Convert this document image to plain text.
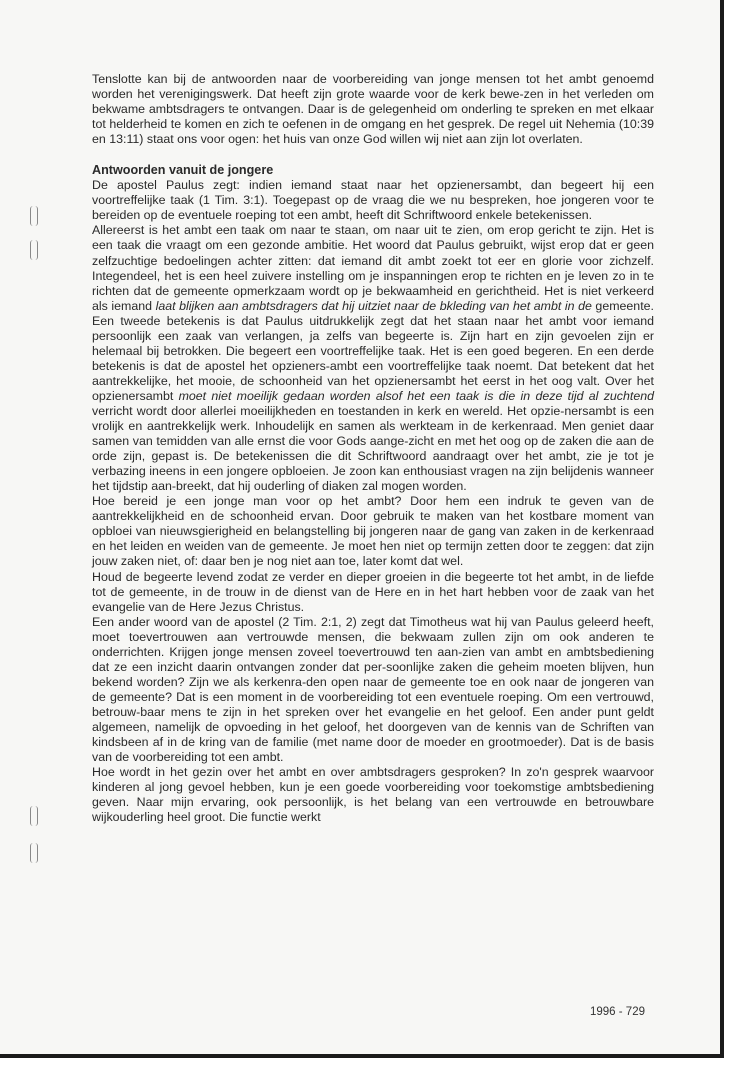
Tenslotte kan bij de antwoorden naar de voorbereiding van jonge mensen tot het ambt genoemd worden het verenigingswerk. Dat heeft zijn grote waarde voor de kerk bewe-zen in het verleden om bekwame ambtsdragers te ontvangen. Daar is de gelegenheid om onderling te spreken en met elkaar tot helderheid te komen en zich te oefenen in de omgang en het gesprek. De regel uit Nehemia (10:39 en 13:11) staat ons voor ogen: het huis van onze God willen wij niet aan zijn lot overlaten.

Antwoorden vanuit de jongere

De apostel Paulus zegt: indien iemand staat naar het opzienersambt, dan begeert hij een voortreffelijke taak (1 Tim. 3:1). Toegepast op de vraag die we nu bespreken, hoe jongeren voor te bereiden op de eventuele roeping tot een ambt, heeft dit Schriftwoord enkele betekenissen.

Allereerst is het ambt een taak om naar te staan, om naar uit te zien, om erop gericht te zijn. Het is een taak die vraagt om een gezonde ambitie. Het woord dat Paulus gebruikt, wijst erop dat er geen zelfzuchtige bedoelingen achter zitten: dat iemand dit ambt zoekt tot eer en glorie voor zichzelf. Integendeel, het is een heel zuivere instelling om je inspanningen erop te richten en je leven zo in te richten dat de gemeente opmerkzaam wordt op je bekwaamheid en gerichtheid. Het is niet verkeerd als iemand laat blijken aan ambtsdragers dat hij uitziet naar de bkleding van het ambt in de gemeente. Een tweede betekenis is dat Paulus uitdrukkelijk zegt dat het staan naar het ambt voor iemand persoonlijk een zaak van verlangen, ja zelfs van begeerte is. Zijn hart en zijn gevoelen zijn er helemaal bij betrokken. Die begeert een voortreffelijke taak. Het is een goed begeren. En een derde betekenis is dat de apostel het opzieners-ambt een voortreffelijke taak noemt. Dat betekent dat het aantrekkelijke, het mooie, de schoonheid van het opzienersambt het eerst in het oog valt. Over het opzienersambt moet niet moeilijk gedaan worden alsof het een taak is die in deze tijd al zuchtend verricht wordt door allerlei moeilijkheden en toestanden in kerk en wereld. Het opzie-nersambt is een vrolijk en aantrekkelijk werk. Inhoudelijk en samen als werkteam in de kerkenraad. Men geniet daar samen van temidden van alle ernst die voor Gods aange-zicht en met het oog op de zaken die aan de orde zijn, gepast is. De betekenissen die dit Schriftwoord aandraagt over het ambt, zie je tot je verbazing ineens in een jongere opbloeien. Je zoon kan enthousiast vragen na zijn belijdenis wanneer het tijdstip aan-breekt, dat hij ouderling of diaken zal mogen worden.

Hoe bereid je een jonge man voor op het ambt? Door hem een indruk te geven van de aantrekkelijkheid en de schoonheid ervan. Door gebruik te maken van het kostbare moment van opbloei van nieuwsgierigheid en belangstelling bij jongeren naar de gang van zaken in de kerkenraad en het leiden en weiden van de gemeente. Je moet hen niet op termijn zetten door te zeggen: dat zijn jouw zaken niet, of: daar ben je nog niet aan toe, later komt dat wel.

Houd de begeerte levend zodat ze verder en dieper groeien in die begeerte tot het ambt, in de liefde tot de gemeente, in de trouw in de dienst van de Here en in het hart hebben voor de zaak van het evangelie van de Here Jezus Christus.

Een ander woord van de apostel (2 Tim. 2:1, 2) zegt dat Timotheus wat hij van Paulus geleerd heeft, moet toevertrouwen aan vertrouwde mensen, die bekwaam zullen zijn om ook anderen te onderrichten. Krijgen jonge mensen zoveel toevertrouwd ten aan-zien van ambt en ambtsbediening dat ze een inzicht daarin ontvangen zonder dat per-soonlijke zaken die geheim moeten blijven, hun bekend worden? Zijn we als kerkenra-den open naar de gemeente toe en ook naar de jongeren van de gemeente? Dat is een moment in de voorbereiding tot een eventuele roeping. Om een vertrouwd, betrouw-baar mens te zijn in het spreken over het evangelie en het geloof. Een ander punt geldt algemeen, namelijk de opvoeding in het geloof, het doorgeven van de kennis van de Schriften van kindsbeen af in de kring van de familie (met name door de moeder en grootmoeder). Dat is de basis van de voorbereiding tot een ambt.

Hoe wordt in het gezin over het ambt en over ambtsdragers gesproken? In zo'n gesprek waarvoor kinderen al jong gevoel hebben, kun je een goede voorbereiding voor toekomstige ambtsbediening geven. Naar mijn ervaring, ook persoonlijk, is het belang van een vertrouwde en betrouwbare wijkouderling heel groot. Die functie werkt

1996 - 729
